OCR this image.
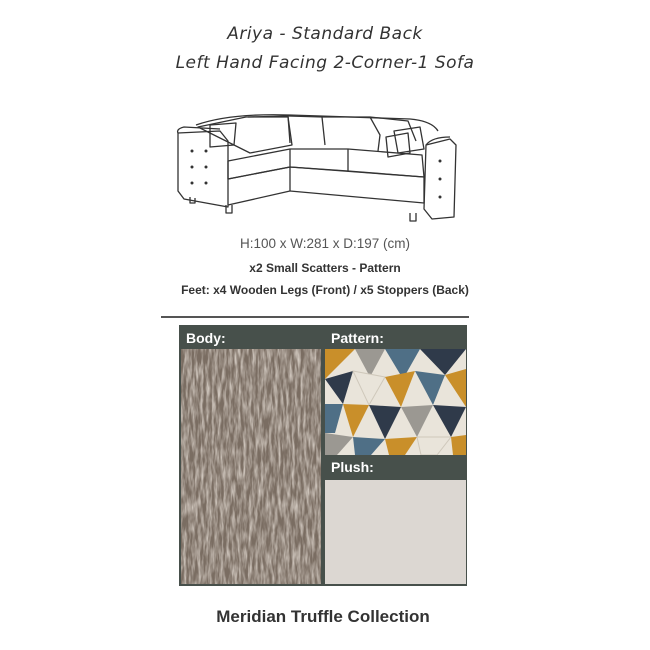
Ariya - Standard Back
Left Hand Facing 2-Corner-1 Sofa
H:100 x W:281 x D:197 (cm)
x2 Small Scatters - Pattern
Feet: x4 Wooden Legs (Front) / x5 Stoppers (Back)
Body:	Pattern:
Plush:
Meridian Truffle Collection
